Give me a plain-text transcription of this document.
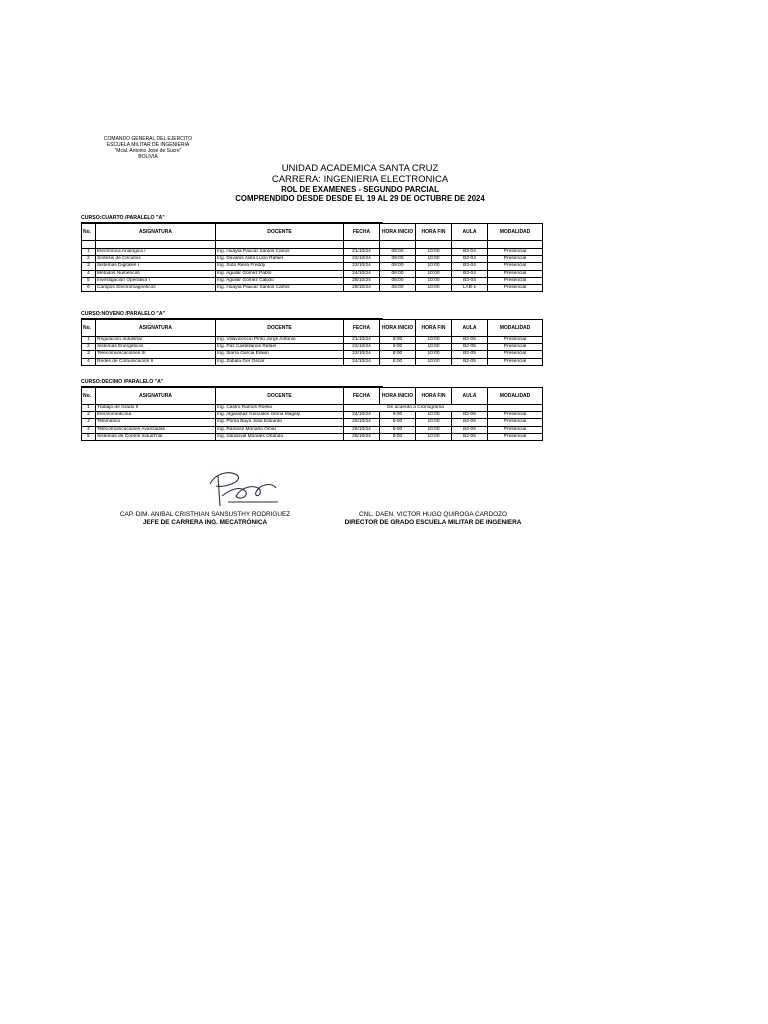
COMANDO GENERAL DEL EJERCITO
ESCUELA MILITAR DE INGENIERIA
"Mcal. Antonio José de Sucre"
BOLIVIA
UNIDAD ACADEMICA SANTA CRUZ
CARRERA: INGENIERIA ELECTRONICA
ROL DE EXAMENES - SEGUNDO PARCIAL
COMPRENDIDO DESDE DESDE EL 19 AL 29 DE OCTUBRE DE 2024
CURSO:CUARTO /PARALELO "A"
No.	ASIGNATURA	DOCENTE	FECHA	HORA INICIO	HORA FIN	AULA	MODALIDAD

1	Electrónica Analógica I	Ing. Huayta Paucar Santos Carlos	21/10/24	08:00	10:00	B3-04	Presencial
2	Síntesis de Circuitos	Ing. Davalos Avila Lucio Rafael	22/10/24	08:00	10:00	B3-04	Presencial
3	Sistemas Digitales I	Ing. Soto Riera Freddy	23/10/24	08:00	10:00	B3-04	Presencial
4	Métodos Numéricos	Ing. Aguilar Gomez Pablo	24/10/24	08:00	10:00	B3-04	Presencial
5	Investigación Operativa I	Ing. Aguilar Gomez Calixto	28/10/24	08:00	10:00	B3-04	Presencial
6	Campos Electromagneticos	Ing. Huayta Paucar Santos Carlos	29/10/24	08:00	10:00	LAB-1	Presencial
CURSO:NOVENO /PARALELO "A"
No.	ASIGNATURA	DOCENTE	FECHA	HORA INICIO	HORA FIN	AULA	MODALIDAD
1	Regulación Industrial	Ing. Villavicencio Pinto Jorge Antonio	21/10/24	8:00	10:00	B2-05	Presencial
2	Sistemas Energeticos	Ing. Paz Castellanos Rafael	22/10/24	8:00	10:00	B2-05	Presencial
3	Telecomunicaciones III	Ing. Ibarra Garcia Edwin	23/10/24	8:00	10:00	B2-05	Presencial
4	Redes de Comunicación II	Ing. Zabala Ger Oscar	24/10/24	8:00	10:00	B2-05	Presencial
CURSO:DECIMO /PARALELO "A"
No.	ASIGNATURA	DOCENTE	FECHA	HORA INICIO	HORA FIN	AULA	MODALIDAD
1	Trabajo de Grado II	Ing. Castro Ramos Roelia	De acuerdo a Cronograma				
2	Electromedicina	Ing. Algarañaz Gonzales Gloria Magaly	24/10/24	8:00	10:00	B2-06	Presencial
3	Telemática	Ing. Poma Baya Jose Eduardo	25/10/24	8:00	10:00	B2-06	Presencial
4	Telecomunicaciones Avanzadas	Ing. Ramirez Monaño Omar	26/10/24	8:00	10:00	B2-06	Presencial
5	Sistemas de Control IndusTrial	Ing. Sandoval Morales Orlando	28/10/24	8:00	10:00	B2-06	Presencial
CAP. DIM. ANIBAL CRISTHIAN SANSUSTHY RODRIGUEZ
JEFE DE CARRERA ING. MECATRÓNICA
CNL. DAEN. VICTOR HUGO QUIROGA CARDOZO
DIRECTOR DE GRADO ESCUELA MILITAR DE INGENIERA
